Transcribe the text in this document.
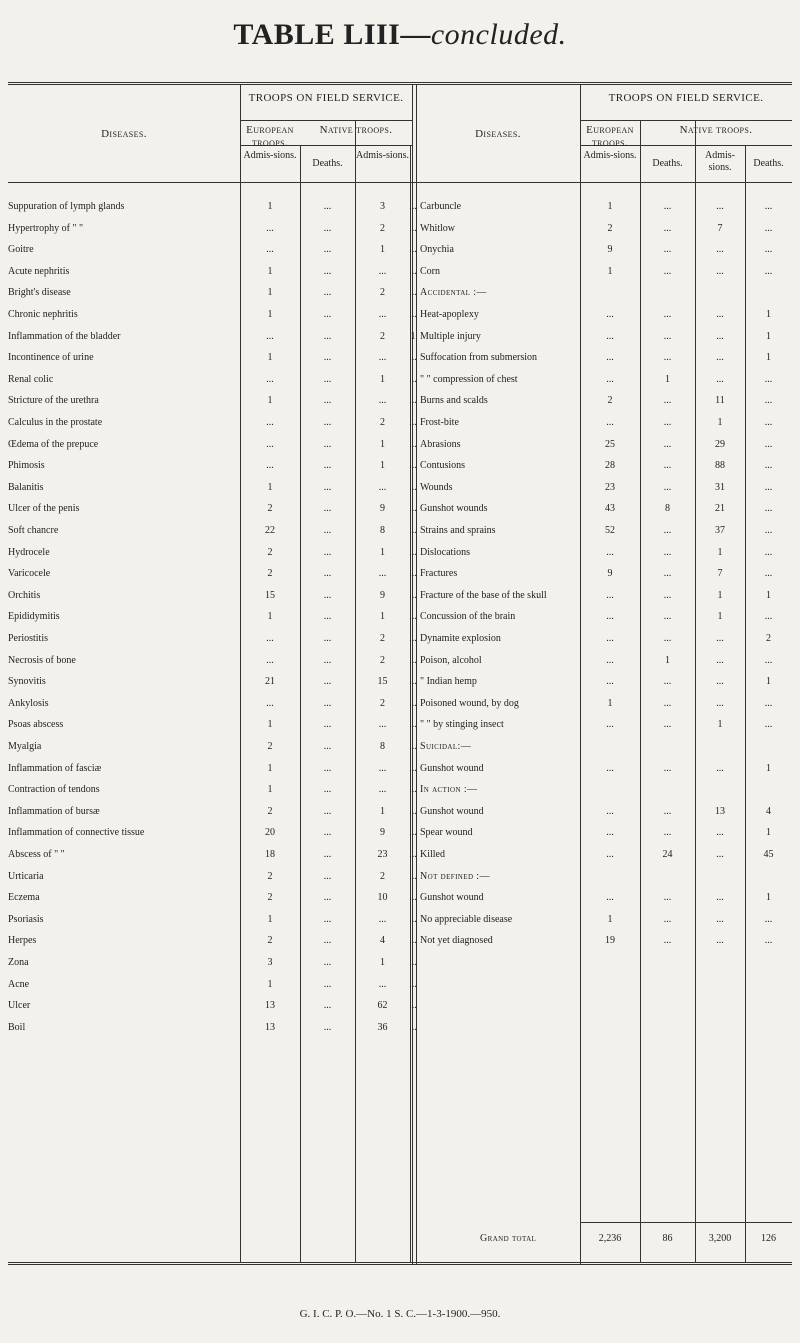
TABLE LIII—concluded.
Diseases.
TROOPS ON FIELD SERVICE.
European troops.
Native troops.
Admis-sions.
Deaths.
Admis-sions.
Diseases.
TROOPS ON FIELD SERVICE.
European troops.
Native troops.
Admis-sions.
Deaths.
Admis-sions.	Deaths.
Suppuration of lymph glands	1	...	3	...
Hypertrophy of " "	...	...	2	...
Goitre	...	...	1	...
Acute nephritis	1	...	...	...
Bright's disease	1	...	2	...
Chronic nephritis	1	...	...	...
Inflammation of the bladder	...	...	2	1
Incontinence of urine	1	...	...	...
Renal colic	...	...	1	...
Stricture of the urethra	1	...	...	...
Calculus in the prostate	...	...	2	...
Œdema of the prepuce	...	...	1	...
Phimosis	...	...	1	...
Balanitis	1	...	...	...
Ulcer of the penis	2	...	9	...
Soft chancre	22	...	8	...
Hydrocele	2	...	1	...
Varicocele	2	...	...	...
Orchitis	15	...	9	...
Epididymitis	1	...	1	...
Periostitis	...	...	2	...
Necrosis of bone	...	...	2	...
Synovitis	21	...	15	...
Ankylosis	...	...	2	...
Psoas abscess	1	...	...	...
Myalgia	2	...	8	...
Inflammation of fasciæ	1	...	...	...
Contraction of tendons	1	...	...	...
Inflammation of bursæ	2	...	1	...
Inflammation of connective tissue	20	...	9	...
Abscess of " "	18	...	23	...
Urticaria	2	...	2	...
Eczema	2	...	10	...
Psoriasis	1	...	...	...
Herpes	2	...	4	...
Zona	3	...	1	...
Acne	1	...	...	...
Ulcer	13	...	62	...
Boil	13	...	36	...
Carbuncle	1	...	...	...
Whitlow	2	...	7	...
Onychia	9	...	...	...
Corn	1	...	...	...
Accidental :—
Heat-apoplexy	...	...	...	1
Multiple injury	...	...	...	1
Suffocation from submersion	...	...	...	1
" " compression of chest	...	1	...	...
Burns and scalds	2	...	11	...
Frost-bite	...	...	1	...
Abrasions	25	...	29	...
Contusions	28	...	88	...
Wounds	23	...	31	...
Gunshot wounds	43	8	21	...
Strains and sprains	52	...	37	...
Dislocations	...	...	1	...
Fractures	9	...	7	...
Fracture of the base of the skull	...	...	1	1
Concussion of the brain	...	...	1	...
Dynamite explosion	...	...	...	2
Poison, alcohol	...	1	...	...
" Indian hemp	...	...	...	1
Poisoned wound, by dog	1	...	...	...
" " by stinging insect	...	...	1	...
Suicidal:—
Gunshot wound	...	...	...	1
In action :—
Gunshot wound	...	...	13	4
Spear wound	...	...	...	1
Killed	...	24	...	45
Not defined :—
Gunshot wound	...	...	...	1
No appreciable disease	1	...	...	...
Not yet diagnosed	19	...	...	...
Grand total	2,236	86	3,200	126
G. I. C. P. O.—No. 1 S. C.—1-3-1900.—950.
